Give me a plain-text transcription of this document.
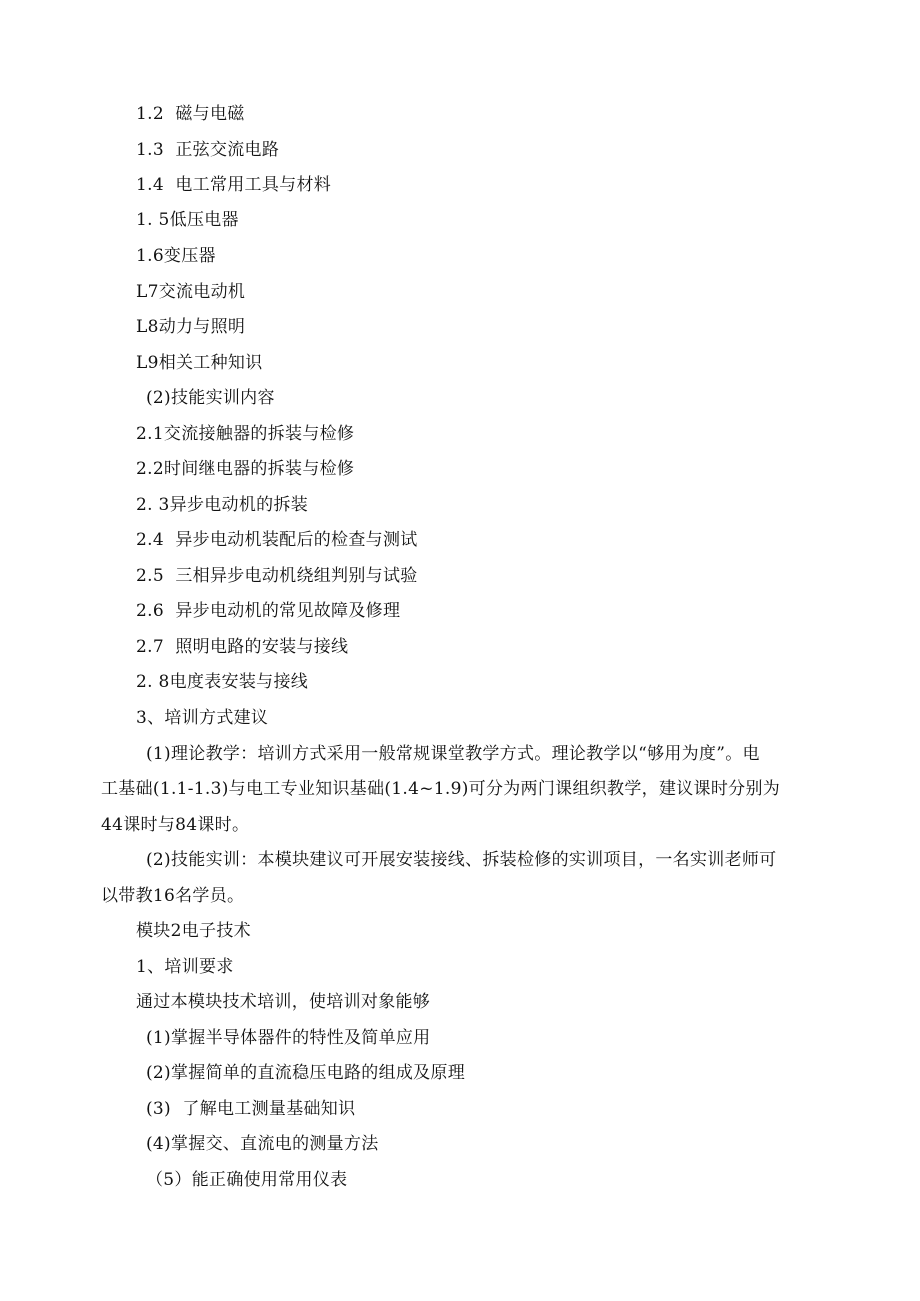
1.2  磁与电磁
1.3  正弦交流电路
1.4  电工常用工具与材料
1. 5低压电器
1.6变压器
L7交流电动机
L8动力与照明
L9相关工种知识
(2)技能实训内容
2.1交流接触器的拆装与检修
2.2时间继电器的拆装与检修
2. 3异步电动机的拆装
2.4  异步电动机装配后的检查与测试
2.5  三相异步电动机绕组判别与试验
2.6  异步电动机的常见故障及修理
2.7  照明电路的安装与接线
2. 8电度表安装与接线
3、培训方式建议
(1)理论教学：培训方式采用一般常规课堂教学方式。理论教学以“够用为度”。电
工基础(1.1-1.3)与电工专业知识基础(1.4~1.9)可分为两门课组织教学，建议课时分别为
44课时与84课时。
(2)技能实训：本模块建议可开展安装接线、拆装检修的实训项目，一名实训老师可
以带教16名学员。
模块2电子技术
1、培训要求
通过本模块技术培训，使培训对象能够
(1)掌握半导体器件的特性及简单应用
(2)掌握简单的直流稳压电路的组成及原理
(3)  了解电工测量基础知识
(4)掌握交、直流电的测量方法
（5）能正确使用常用仪表
